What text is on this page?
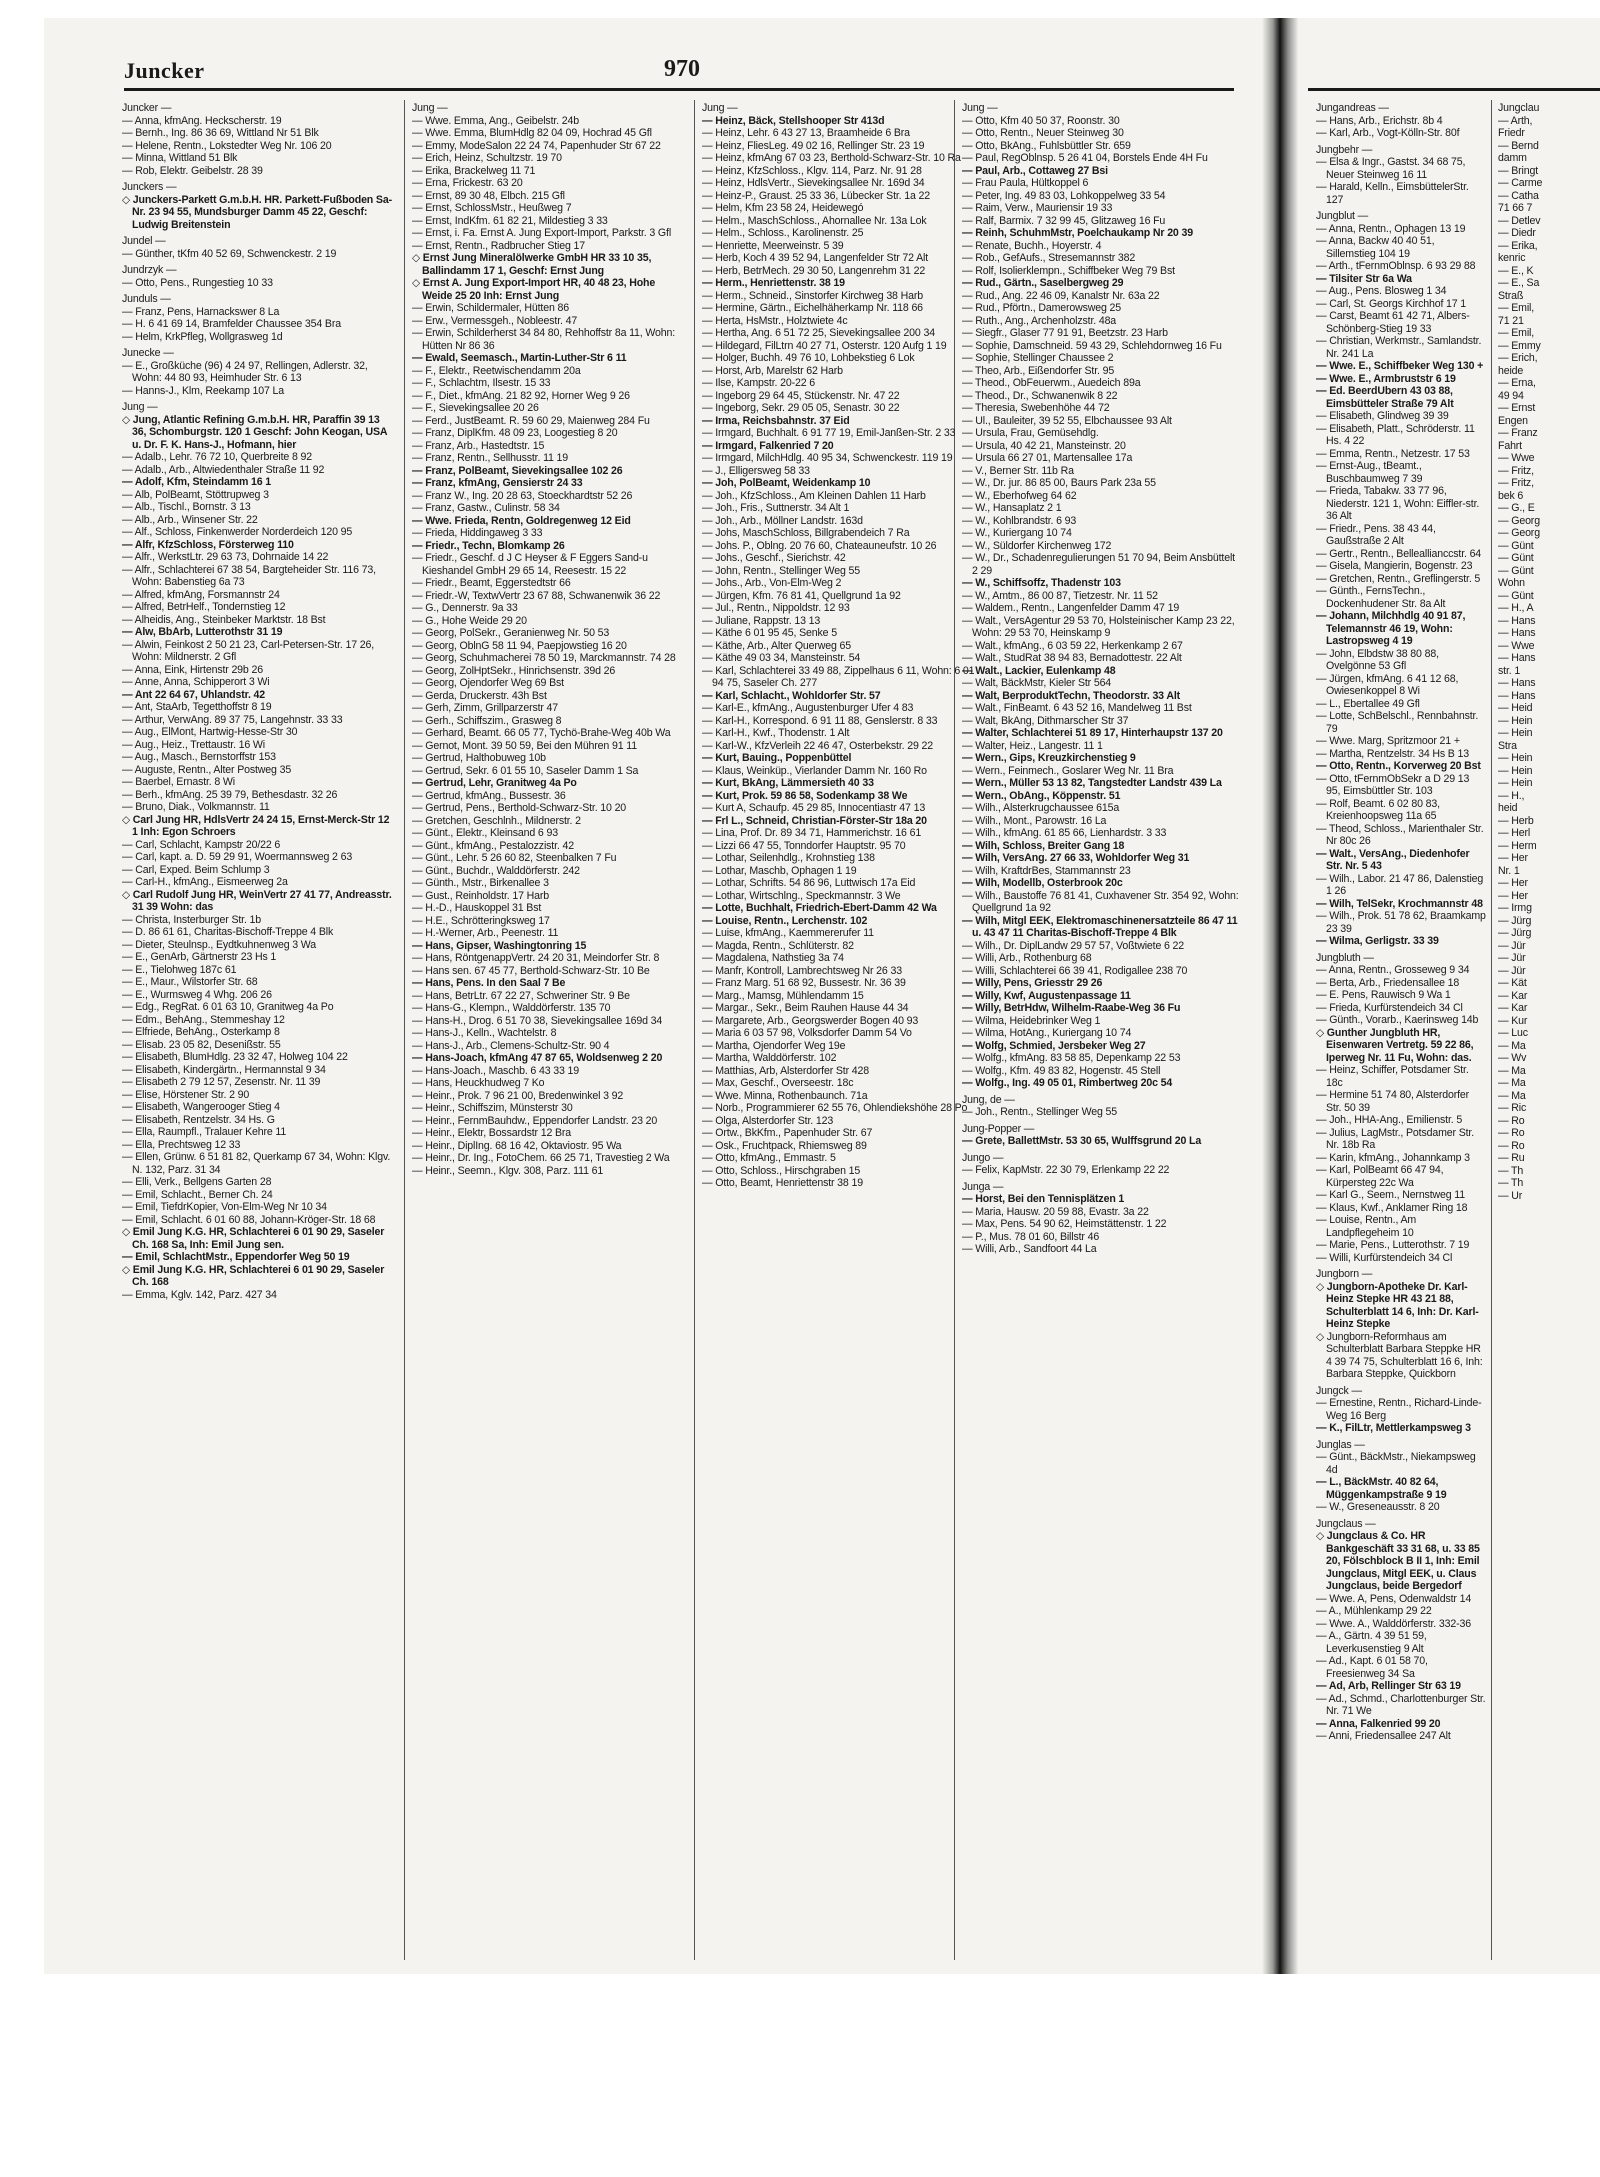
Juncker	970

Juncker —

— Anna, kfmAng. Heckscherstr. 19

— Bernh., Ing. 86 36 69, Wittland Nr 51 Blk

— Helene, Rentn., Lokstedter Weg Nr. 106 20

— Minna, Wittland 51 Blk

— Rob, Elektr. Geibelstr. 28 39

Junckers —

◇ Junckers-Parkett G.m.b.H. HR. Parkett-Fußboden Sa-Nr. 23 94 55, Mundsburger Damm 45 22, Geschf: Ludwig Breitenstein

Jundel —

— Günther, tKfm 40 52 69, Schwenckestr. 2 19

Jundrzyk —

— Otto, Pens., Rungestieg 10 33

Junduls —

— Franz, Pens, Harnackswer 8 La

— H. 6 41 69 14, Bramfelder Chaussee 354 Bra

— Helm, KrkPfleg, Wollgrasweg 1d

Junecke —

— E., Großküche (96) 4 24 97, Rellingen, Adlerstr. 32, Wohn: 44 80 93, Heimhuder Str. 6 13

— Hanns-J., Klm, Reekamp 107 La

Jung —

◇ Jung, Atlantic Refining G.m.b.H. HR, Paraffin 39 13 36, Schomburgstr. 120 1 Geschf: John Keogan, USA u. Dr. F. K. Hans-J., Hofmann, hier

— Adalb., Lehr. 76 72 10, Querbreite 8 92

— Adalb., Arb., Altwiedenthaler Straße 11 92

— Adolf, Kfm, Steindamm 16 1

— Alb, PolBeamt, Stöttrupweg 3

— Alb., Tischl., Bornstr. 3 13

— Alb., Arb., Winsener Str. 22

— Alf., Schloss, Finkenwerder Norderdeich 120 95

— Alfr, KfzSchloss, Försterweg 110

— Alfr., WerkstLtr. 29 63 73, Dohrnaide 14 22

— Alfr., Schlachterei 67 38 54, Bargteheider Str. 116 73, Wohn: Babenstieg 6a 73

— Alfred, kfmAng, Forsmannstr 24

— Alfred, BetrHelf., Tondernstieg 12

— Alheidis, Ang., Steinbeker Marktstr. 18 Bst

— Alw, BbArb, Lutterothstr 31 19

— Alwin, Feinkost 2 50 21 23, Carl-Petersen-Str. 17 26, Wohn: Mildnerstr. 2 Gfl

— Anna, Eink, Hirtenstr 29b 26

— Anne, Anna, Schipperort 3 Wi

— Ant 22 64 67, Uhlandstr. 42

— Ant, StaArb, Tegetthoffstr 8 19

— Arthur, VerwAng. 89 37 75, Langehnstr. 33 33

— Aug., ElMont, Hartwig-Hesse-Str 30

— Aug., Heiz., Trettaustr. 16 Wi

— Aug., Masch., Bernstorffstr 153

— Auguste, Rentn., Alter Postweg 35

— Baerbel, Ernastr. 8 Wi

— Berh., kfmAng. 25 39 79, Bethesdastr. 32 26

— Bruno, Diak., Volkmannstr. 11

◇ Carl Jung HR, HdlsVertr 24 24 15, Ernst-Merck-Str 12 1 Inh: Egon Schroers

— Carl, Schlacht, Kampstr 20/22 6

— Carl, kapt. a. D. 59 29 91, Woermannsweg 2 63

— Carl, Exped. Beim Schlump 3

— Carl-H., kfmAng., Eismeerweg 2a

◇ Carl Rudolf Jung HR, WeinVertr 27 41 77, Andreasstr. 31 39 Wohn: das

— Christa, Insterburger Str. 1b

— D. 86 61 61, Charitas-Bischoff-Treppe 4 Blk

— Dieter, Steulnsp., Eydtkuhnenweg 3 Wa

— E., GenArb, Gärtnerstr 23 Hs 1

— E., Tielohweg 187c 61

— E., Maur., Wilstorfer Str. 68

— E., Wurmsweg 4 Whg. 206 26

— Edg., RegRat. 6 01 63 10, Granitweg 4a Po

— Edm., BehAng., Stemmeshay 12

— Elfriede, BehAng., Osterkamp 8

— Elisab. 23 05 82, Desenißstr. 55

— Elisabeth, BlumHdlg. 23 32 47, Holweg 104 22

— Elisabeth, Kindergärtn., Hermannstal 9 34

— Elisabeth 2 79 12 57, Zesenstr. Nr. 11 39

— Elise, Hörstener Str. 2 90

— Elisabeth, Wangerooger Stieg 4

— Elisabeth, Rentzelstr. 34 Hs. G

— Ella, Raumpfl., Tralauer Kehre 11

— Ella, Prechtsweg 12 33

— Ellen, Grünw. 6 51 81 82, Querkamp 67 34, Wohn: Klgv. N. 132, Parz. 31 34

— Elli, Verk., Bellgens Garten 28

— Emil, Schlacht., Berner Ch. 24

— Emil, TiefdrKopier, Von-Elm-Weg Nr 10 34

— Emil, Schlacht. 6 01 60 88, Johann-Kröger-Str. 18 68

◇ Emil Jung K.G. HR, Schlachterei 6 01 90 29, Saseler Ch. 168 Sa, Inh: Emil Jung sen.

— Emil, SchlachtMstr., Eppendorfer Weg 50 19

◇ Emil Jung K.G. HR, Schlachterei 6 01 90 29, Saseler Ch. 168

— Emma, Kglv. 142, Parz. 427 34

Jung —

— Wwe. Emma, Ang., Geibelstr. 24b

— Wwe. Emma, BlumHdlg 82 04 09, Hochrad 45 Gfl

— Emmy, ModeSalon 22 24 74, Papenhuder Str 67 22

— Erich, Heinz, Schultzstr. 19 70

— Erika, Brackelweg 11 71

— Erna, Frickestr. 63 20

— Ernst, 89 30 48, Elbch. 215 Gfl

— Ernst, SchlossMstr., Heußweg 7

— Ernst, IndKfm. 61 82 21, Mildestieg 3 33

— Ernst, i. Fa. Ernst A. Jung Export-Import, Parkstr. 3 Gfl

— Ernst, Rentn., Radbrucher Stieg 17

◇ Ernst Jung Mineralölwerke GmbH HR 33 10 35, Ballindamm 17 1, Geschf: Ernst Jung

◇ Ernst A. Jung Export-Import HR, 40 48 23, Hohe Weide 25 20 Inh: Ernst Jung

— Erwin, Schildermaler, Hütten 86

— Erw., Vermessgeh., Nobleestr. 47

— Erwin, Schilderherst 34 84 80, Rehhoffstr 8a 11, Wohn: Hütten Nr 86 36

— Ewald, Seemasch., Martin-Luther-Str 6 11

— F., Elektr., Reetwischendamm 20a

— F., Schlachtm, Ilsestr. 15 33

— F., Diet., kfmAng. 21 82 92, Horner Weg 9 26

— F., Sievekingsallee 20 26

— Ferd., JustBeamt. R. 59 60 29, Maienweg 284 Fu

— Franz, DiplKfm. 48 09 23, Loogestieg 8 20

— Franz, Arb., Hastedtstr. 15

— Franz, Rentn., Sellhusstr. 11 19

— Franz, PolBeamt, Sievekingsallee 102 26

— Franz, kfmAng, Gensierstr 24 33

— Franz W., Ing. 20 28 63, Stoeckhardtstr 52 26

— Franz, Gastw., Culinstr. 58 34

— Wwe. Frieda, Rentn, Goldregenweg 12 Eid

— Frieda, Hiddingaweg 3 33

— Friedr., Techn, Blomkamp 26

— Friedr., Geschf. d J C Heyser & F Eggers Sand-u Kieshandel GmbH 29 65 14, Reesestr. 15 22

— Friedr., Beamt, Eggerstedtstr 66

— Friedr.-W, TextwVertr 23 67 88, Schwanenwik 36 22

— G., Dennerstr. 9a 33

— G., Hohe Weide 29 20

— Georg, PolSekr., Geranienweg Nr. 50 53

— Georg, OblnG 58 11 94, Paepjowstieg 16 20

— Georg, Schuhmacherei 78 50 19, Marckmannstr. 74 28

— Georg, ZolHptSekr., Hinrichsenstr. 39d 26

— Georg, Ojendorfer Weg 69 Bst

— Gerda, Druckerstr. 43h Bst

— Gerh, Zimm, Grillparzerstr 47

— Gerh., Schiffszim., Grasweg 8

— Gerhard, Beamt. 66 05 77, Tychö-Brahe-Weg 40b Wa

— Gernot, Mont. 39 50 59, Bei den Mühren 91 11

— Gertrud, Halthobuweg 10b

— Gertrud, Sekr. 6 01 55 10, Saseler Damm 1 Sa

— Gertrud, Lehr, Granitweg 4a Po

— Gertrud, kfmAng., Bussestr. 36

— Gertrud, Pens., Berthold-Schwarz-Str. 10 20

— Gretchen, Geschlnh., Mildnerstr. 2

— Günt., Elektr., Kleinsand 6 93

— Günt., kfmAng., Pestalozzistr. 42

— Günt., Lehr. 5 26 60 82, Steenbalken 7 Fu

— Günt., Buchdr., Walddörferstr. 242

— Günth., Mstr., Birkenallee 3

— Gust., Reinholdstr. 17 Harb

— H.-D., Hauskoppel 31 Bst

— H.E., Schrötteringksweg 17

— H.-Werner, Arb., Peenestr. 11

— Hans, Gipser, Washingtonring 15

— Hans, RöntgenappVertr. 24 20 31, Meindorfer Str. 8

— Hans sen. 67 45 77, Berthold-Schwarz-Str. 10 Be

— Hans, Pens. In den Saal 7 Be

— Hans, BetrLtr. 67 22 27, Schweriner Str. 9 Be

— Hans-G., Klempn., Walddörferstr. 135 70

— Hans-H., Drog. 6 51 70 38, Sievekingsallee 169d 34

— Hans-J., Kelln., Wachtelstr. 8

— Hans-J., Arb., Clemens-Schultz-Str. 90 4

— Hans-Joach, kfmAng 47 87 65, Woldsenweg 2 20

— Hans-Joach., Maschb. 6 43 33 19

— Hans, Heuckhudweg 7 Ko

— Heinr., Prok. 7 96 21 00, Bredenwinkel 3 92

— Heinr., Schiffszim, Münsterstr 30

— Heinr., FernmBauhdw., Eppendorfer Landstr. 23 20

— Heinr., Elektr, Bossardstr 12 Bra

— Heinr., DiplIng. 68 16 42, Oktaviostr. 95 Wa

— Heinr., Dr. Ing., FotoChem. 66 25 71, Travestieg 2 Wa

— Heinr., Seemn., Klgv. 308, Parz. 111 61

Jung —

— Heinz, Bäck, Stellshooper Str 413d

— Heinz, Lehr. 6 43 27 13, Braamheide 6 Bra

— Heinz, FliesLeg. 49 02 16, Rellinger Str. 23 19

— Heinz, kfmAng 67 03 23, Berthold-Schwarz-Str. 10 Ra

— Heinz, KfzSchloss., Klgv. 114, Parz. Nr. 91 28

— Heinz, HdlsVertr., Sievekingsallee Nr. 169d 34

— Heinz-P., Graust. 25 33 36, Lübecker Str. 1a 22

— Helm, Kfm 23 58 24, Heidewegó

— Helm., MaschSchloss., Ahornallee Nr. 13a Lok

— Helm., Schloss., Karolinenstr. 25

— Henriette, Meerweinstr. 5 39

— Herb, Koch 4 39 52 94, Langenfelder Str 72 Alt

— Herb, BetrMech. 29 30 50, Langenrehm 31 22

— Herm., Henriettenstr. 38 19

— Herm., Schneid., Sinstorfer Kirchweg 38 Harb

— Hermine, Gärtn., Eichelhäherkamp Nr. 118 66

— Herta, HsMstr., Holztwiete 4c

— Hertha, Ang. 6 51 72 25, Sievekingsallee 200 34

— Hildegard, FilLtrn 40 27 71, Osterstr. 120 Aufg 1 19

— Holger, Buchh. 49 76 10, Lohbekstieg 6 Lok

— Horst, Arb, Marelstr 62 Harb

— Ilse, Kampstr. 20-22 6

— Ingeborg 29 64 45, Stückenstr. Nr. 47 22

— Ingeborg, Sekr. 29 05 05, Senastr. 30 22

— Irma, Reichsbahnstr. 37 Eid

— Irmgard, Buchhalt. 6 91 77 19, Emil-Janßen-Str. 2 33

— Irmgard, Falkenried 7 20

— Irmgard, MilchHdlg. 40 95 34, Schwenckestr. 119 19

— J., Elligersweg 58 33

— Joh, PolBeamt, Weidenkamp 10

— Joh., KfzSchloss., Am Kleinen Dahlen 11 Harb

— Joh., Fris., Suttnerstr. 34 Alt 1

— Joh., Arb., Möllner Landstr. 163d

— Johs, MaschSchloss, Billgrabendeich 7 Ra

— Johs. P., Oblng. 20 76 60, Chateauneufstr. 10 26

— Johs., Geschf., Sierichstr. 42

— John, Rentn., Stellinger Weg 55

— Johs., Arb., Von-Elm-Weg 2

— Jürgen, Kfm. 76 81 41, Quellgrund 1a 92

— Jul., Rentn., Nippoldstr. 12 93

— Juliane, Rappstr. 13 13

— Käthe 6 01 95 45, Senke 5

— Käthe, Arb., Alter Querweg 65

— Käthe 49 03 34, Mansteinstr. 54

— Karl, Schlachterei 33 49 88, Zippelhaus 6 11, Wohn: 6 01 94 75, Saseler Ch. 277

— Karl, Schlacht., Wohldorfer Str. 57

— Karl-E., kfmAng., Augustenburger Ufer 4 83

— Karl-H., Korrespond. 6 91 11 88, Genslerstr. 8 33

— Karl-H., Kwf., Thodenstr. 1 Alt

— Karl-W., KfzVerleih 22 46 47, Osterbekstr. 29 22

— Kurt, Bauing., Poppenbüttel

— Klaus, Weinküp., Vierlander Damm Nr. 160 Ro

— Kurt, BkAng, Lämmersieth 40 33

— Kurt, Prok. 59 86 58, Sodenkamp 38 We

— Kurt A, Schaufp. 45 29 85, Innocentiastr 47 13

— Frl L., Schneid, Christian-Förster-Str 18a 20

— Lina, Prof. Dr. 89 34 71, Hammerichstr. 16 61

— Lizzi 66 47 55, Tonndorfer Hauptstr. 95 70

— Lothar, Seilenhdlg., Krohnstieg 138

— Lothar, Maschb, Ophagen 1 19

— Lothar, Schrifts. 54 86 96, Luttwisch 17a Eid

— Lothar, Wirtschlng., Speckmannstr. 3 We

— Lotte, Buchhalt, Friedrich-Ebert-Damm 42 Wa

— Louise, Rentn., Lerchenstr. 102

— Luise, kfmAng., Kaemmererufer 11

— Magda, Rentn., Schlüterstr. 82

— Magdalena, Nathstieg 3a 74

— Manfr, Kontroll, Lambrechtsweg Nr 26 33

— Franz Marg. 51 68 92, Bussestr. Nr. 36 39

— Marg., Mamsg, Mühlendamm 15

— Margar., Sekr., Beim Rauhen Hause 44 34

— Margarete, Arb., Georgswerder Bogen 40 93

— Maria 6 03 57 98, Volksdorfer Damm 54 Vo

— Martha, Ojendorfer Weg 19e

— Martha, Walddörferstr. 102

— Matthias, Arb, Alsterdorfer Str 428

— Max, Geschf., Overseestr. 18c

— Wwe. Minna, Rothenbaunch. 71a

— Norb., Programmierer 62 55 76, Ohlendiekshöhe 28 Po

— Olga, Alsterdorfer Str. 123

— Ortw., BkKfm., Papenhuder Str. 67

— Osk., Fruchtpack, Rhiemsweg 89

— Otto, kfmAng., Emmastr. 5

— Otto, Schloss., Hirschgraben 15

— Otto, Beamt, Henriettenstr 38 19

Jung —

— Otto, Kfm 40 50 37, Roonstr. 30

— Otto, Rentn., Neuer Steinweg 30

— Otto, BkAng., Fuhlsbüttler Str. 659

— Paul, RegOblnsp. 5 26 41 04, Borstels Ende 4H Fu

— Paul, Arb., Cottaweg 27 Bsi

— Frau Paula, Hültkoppel 6

— Peter, Ing. 49 83 03, Lohkoppelweg 33 54

— Raim, Verw., Mauriensir 19 33

— Ralf, Barmix. 7 32 99 45, Glitzaweg 16 Fu

— Reinh, SchuhmMstr, Poelchaukamp Nr 20 39

— Renate, Buchh., Hoyerstr. 4

— Rob., GefAufs., Stresemannstr 382

— Rolf, Isolierklempn., Schiffbeker Weg 79 Bst

— Rud., Gärtn., Saselbergweg 29

— Rud., Ang. 22 46 09, Kanalstr Nr. 63a 22

— Rud., Pförtn., Damerowsweg 25

— Ruth., Ang., Archenholzstr. 48a

— Siegfr., Glaser 77 91 91, Beetzstr. 23 Harb

— Sophie, Damschneid. 59 43 29, Schlehdornweg 16 Fu

— Sophie, Stellinger Chaussee 2

— Theo, Arb., Eißendorfer Str. 95

— Theod., ObFeuerwm., Auedeich 89a

— Theod., Dr., Schwanenwik 8 22

— Theresia, Swebenhöhe 44 72

— Ul., Bauleiter, 39 52 55, Elbchaussee 93 Alt

— Ursula, Frau, Gemüsehdlg.

— Ursula, 40 42 21, Mansteinstr. 20

— Ursula 66 27 01, Martensallee 17a

— V., Berner Str. 11b Ra

— W., Dr. jur. 86 85 00, Baurs Park 23a 55

— W., Eberhofweg 64 62

— W., Hansaplatz 2 1

— W., Kohlbrandstr. 6 93

— W., Kuriergang 10 74

— W., Süldorfer Kirchenweg 172

— W., Dr., Schadenregulierungen 51 70 94, Beim Ansbüttelt 2 29

— W., Schiffsoffz, Thadenstr 103

— W., Amtm., 86 00 87, Tietzestr. Nr. 11 52

— Waldem., Rentn., Langenfelder Damm 47 19

— Walt., VersAgentur 29 53 70, Holsteinischer Kamp 23 22, Wohn: 29 53 70, Heinskamp 9

— Walt., kfmAng., 6 03 59 22, Herkenkamp 2 67

— Walt., StudRat 38 94 83, Bernadottestr. 22 Alt

— Walt., Lackier, Eulenkamp 48

— Walt, BäckMstr, Kieler Str 564

— Walt, BerproduktTechn, Theodorstr. 33 Alt

— Walt., FinBeamt. 6 43 52 16, Mandelweg 11 Bst

— Walt, BkAng, Dithmarscher Str 37

— Walter, Schlachterei 51 89 17, Hinterhaupstr 137 20

— Walter, Heiz., Langestr. 11 1

— Wern., Gips, Kreuzkirchenstieg 9

— Wern., Feinmech., Goslarer Weg Nr. 11 Bra

— Wern., Müller 53 13 82, Tangstedter Landstr 439 La

— Wern., ObAng., Köppenstr. 51

— Wilh., Alsterkrugchaussee 615a

— Wilh., Mont., Parowstr. 16 La

— Wilh., kfmAng. 61 85 66, Lienhardstr. 3 33

— Wilh, Schloss, Breiter Gang 18

— Wilh, VersAng. 27 66 33, Wohldorfer Weg 31

— Wilh, KraftdrBes, Stammannstr 23

— Wilh, Modellb, Osterbrook 20c

— Wilh., Baustoffe 76 81 41, Cuxhavener Str. 354 92, Wohn: Quellgrund 1a 92

— Wilh, Mitgl EEK, Elektromaschinenersatzteile 86 47 11 u. 43 47 11 Charitas-Bischoff-Treppe 4 Blk

— Wilh., Dr. DiplLandw 29 57 57, Voßtwiete 6 22

— Willi, Arb., Rothenburg 68

— Willi, Schlachterei 66 39 41, Rodigallee 238 70

— Willy, Pens, Griesstr 29 26

— Willy, Kwf, Augustenpassage 11

— Willy, BetrHdw, Wilhelm-Raabe-Weg 36 Fu

— Wilma, Heidebrinker Weg 1

— Wilma, HotAng., Kuriergang 10 74

— Wolfg, Schmied, Jersbeker Weg 27

— Wolfg., kfmAng. 83 58 85, Depenkamp 22 53

— Wolfg., Kfm. 49 83 82, Hogenstr. 45 Stell

— Wolfg., Ing. 49 05 01, Rimbertweg 20c 54

Jung, de —

— Joh., Rentn., Stellinger Weg 55

Jung-Popper —

— Grete, BallettMstr. 53 30 65, Wulffsgrund 20 La

Jungo —

— Felix, KapMstr. 22 30 79, Erlenkamp 22 22

Junga —

— Horst, Bei den Tennisplätzen 1

— Maria, Hausw. 20 59 88, Evastr. 3a 22

— Max, Pens. 54 90 62, Heimstättenstr. 1 22

— P., Mus. 78 01 60, Billstr 46

— Willi, Arb., Sandfoort 44 La

Jungandreas —

— Hans, Arb., Erichstr. 8b 4

— Karl, Arb., Vogt-Kölln-Str. 80f

Jungbehr —

— Elsa & Ingr., Gastst. 34 68 75, Neuer Steinweg 16 11

— Harald, Kelln., EimsbüttelerStr. 127

Jungblut —

— Anna, Rentn., Ophagen 13 19

— Anna, Backw 40 40 51, Sillemstieg 104 19

— Arth., tFernmOblnsp. 6 93 29 88

— Tilsiter Str 6a Wa

— Aug., Pens. Blosweg 1 34

— Carl, St. Georgs Kirchhof 17 1

— Carst, Beamt 61 42 71, Albers-Schönberg-Stieg 19 33

— Christian, Werkmstr., Samlandstr. Nr. 241 La

— Wwe. E., Schiffbeker Weg 130 +

— Wwe. E., Armbruststr 6 19

— Ed. BeerdUbern 43 03 88, Eimsbütteler Straße 79 Alt

— Elisabeth, Glindweg 39 39

— Elisabeth, Platt., Schröderstr. 11 Hs. 4 22

— Emma, Rentn., Netzestr. 17 53

— Ernst-Aug., tBeamt., Buschbaumweg 7 39

— Frieda, Tabakw. 33 77 96, Niederstr. 121 1, Wohn: Eiffler-str. 36 Alt

— Friedr., Pens. 38 43 44, Gaußstraße 2 Alt

— Gertr., Rentn., Belleallianccstr. 64

— Gisela, Mangierin, Bogenstr. 23

— Gretchen, Rentn., Greflingerstr. 5

— Günth., FernsTechn., Dockenhudener Str. 8a Alt

— Johann, Milchhdlg 40 91 87, Telemannstr 46 19, Wohn: Lastropsweg 4 19

— John, Elbdstw 38 80 88, Ovelgönne 53 Gfl

— Jürgen, kfmAng. 6 41 12 68, Owiesenkoppel 8 Wi

— L., Ebertallee 49 Gfl

— Lotte, SchBelschl., Rennbahnstr. 79

— Wwe. Marg, Spritzmoor 21 +

— Martha, Rentzelstr. 34 Hs B 13

— Otto, Rentn., Korverweg 20 Bst

— Otto, tFernmObSekr a D 29 13 95, Eimsbüttler Str. 103

— Rolf, Beamt. 6 02 80 83, Kreienhoopsweg 11a 65

— Theod, Schloss., Marienthaler Str. Nr 80c 26

— Walt., VersAng., Diedenhofer Str. Nr. 5 43

— Wilh., Labor. 21 47 86, Dalenstieg 1 26

— Wilh, TelSekr, Krochmannstr 48

— Wilh., Prok. 51 78 62, Braamkamp 23 39

— Wilma, Gerligstr. 33 39

Jungbluth —

— Anna, Rentn., Grosseweg 9 34

— Berta, Arb., Friedensallee 18

— E. Pens, Rauwisch 9 Wa 1

— Frieda, Kurfürstendeich 34 Cl

— Günth., Vorarb., Kaerinsweg 14b

◇ Gunther Jungbluth HR, Eisenwaren Vertretg. 59 22 86, Iperweg Nr. 11 Fu, Wohn: das.

— Heinz, Schiffer, Potsdamer Str. 18c

— Hermine 51 74 80, Alsterdorfer Str. 50 39

— Joh., HHA-Ang., Emilienstr. 5

— Julius, LagMstr., Potsdamer Str. Nr. 18b Ra

— Karin, kfmAng., Johannkamp 3

— Karl, PolBeamt 66 47 94, Kürpersteg 22c Wa

— Karl G., Seem., Nernstweg 11

— Klaus, Kwf., Anklamer Ring 18

— Louise, Rentn., Am Landpflegeheim 10

— Marie, Pens., Lutterothstr. 7 19

— Willi, Kurfürstendeich 34 Cl

Jungborn —

◇ Jungborn-Apotheke Dr. Karl-Heinz Stepke HR 43 21 88, Schulterblatt 14 6, Inh: Dr. Karl-Heinz Stepke

◇ Jungborn-Reformhaus am Schulterblatt Barbara Steppke HR 4 39 74 75, Schulterblatt 16 6, Inh: Barbara Steppke, Quickborn

Jungck —

— Ernestine, Rentn., Richard-Linde-Weg 16 Berg

— K., FilLtr, Mettlerkampsweg 3

Junglas —

— Günt., BäckMstr., Niekampsweg 4d

— L., BäckMstr. 40 82 64, Müggenkampstraße 9 19

— W., Greseneausstr. 8 20

Jungclaus —

◇ Jungclaus & Co. HR Bankgeschäft 33 31 68, u. 33 85 20, Fölschblock B II 1, Inh: Emil Jungclaus, Mitgl EEK, u. Claus Jungclaus, beide Bergedorf

— Wwe. A, Pens, Odenwaldstr 14

— A., Mühlenkamp 29 22

— Wwe. A., Walddörferstr. 332-36

— A., Gärtn. 4 39 51 59, Leverkusenstieg 9 Alt

— Ad., Kapt. 6 01 58 70, Freesienweg 34 Sa

— Ad, Arb, Rellinger Str 63 19

— Ad., Schmd., Charlottenburger Str. Nr. 71 We

— Anna, Falkenried 99 20

— Anni, Friedensallee 247 Alt

Jungclau

— Arth,

Friedr

— Bernd

damm

— Bringt

— Carme

— Catha

71 66 7

— Detlev

— Diedr

— Erika,

kenric

— E., K

— E., Sa

Straß

— Emil,

71 21

— Emil,

— Emmy

— Erich,

heide

— Erna,

49 94

— Ernst

Engen

— Franz

Fahrt

— Wwe

— Fritz,

— Fritz,

bek 6

— G., E

— Georg

— Georg

— Günt

— Günt

— Günt

Wohn

— Günt

— H., A

— Hans

— Hans

— Wwe

— Hans

str. 1

— Hans

— Hans

— Heid

— Hein

— Hein

Stra

— Hein

— Hein

— Hein

— H.,

heid

— Herb

— Herl

— Herm

— Her

Nr. 1

— Her

— Her

— Irmg

— Jürg

— Jürg

— Jür

— Jür

— Jür

— Kät

— Kar

— Kar

— Kur

— Luc

— Ma

— Wv

— Ma

— Ma

— Ma

— Ric

— Ro

— Ro

— Ro

— Ru

— Th

— Th

— Ur
